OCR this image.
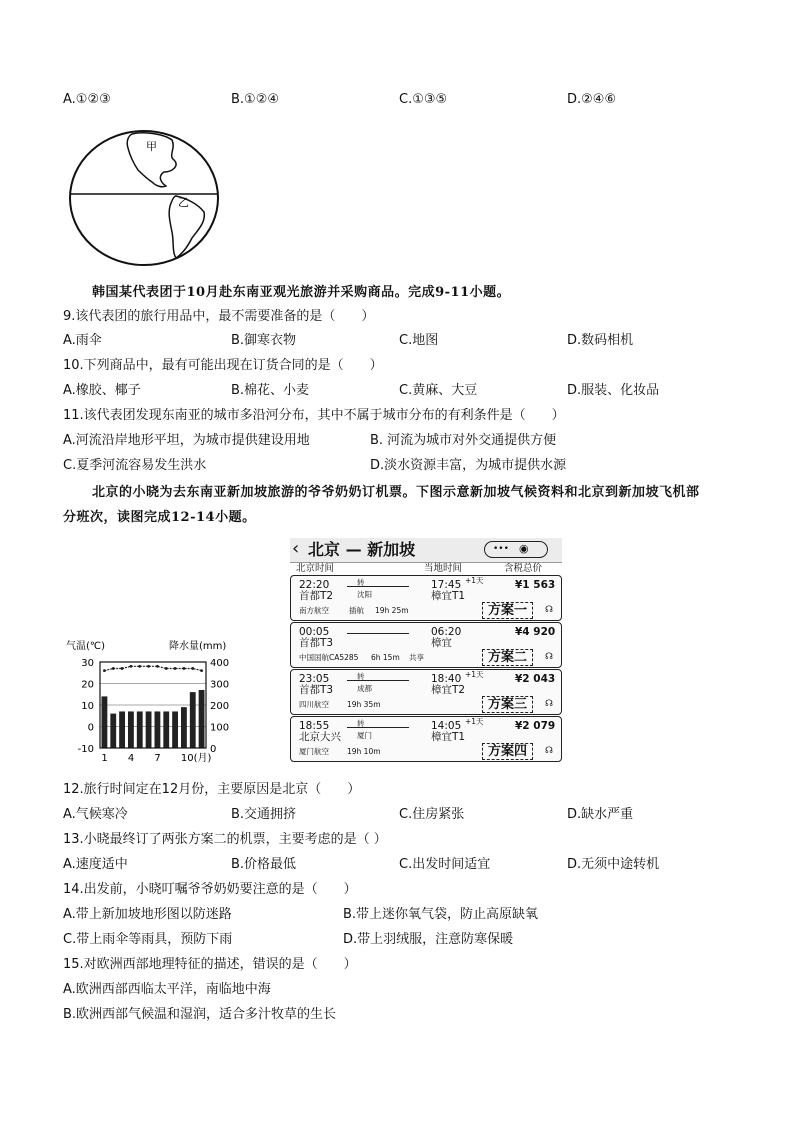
A.①②③	B.①②④	C.①③⑤	D.②④⑥
甲
乙
韩国某代表团于10月赴东南亚观光旅游并采购商品。完成9-11小题。
9.该代表团的旅行用品中，最不需要准备的是（　　）
A.雨伞	B.御寒衣物	C.地图	D.数码相机
10.下列商品中，最有可能出现在订货合同的是（　　）
A.橡胶、椰子	B.棉花、小麦	C.黄麻、大豆	D.服装、化妆品
11.该代表团发现东南亚的城市多沿河分布，其中不属于城市分布的有利条件是（　　）
A.河流沿岸地形平坦，为城市提供建设用地	B. 河流为城市对外交通提供方便
C.夏季河流容易发生洪水	D.淡水资源丰富，为城市提供水源
北京的小晓为去东南亚新加坡旅游的爷爷奶奶订机票。下图示意新加坡气候资料和北京到新加坡飞机部
分班次，读图完成12-14小题。
气温(℃)	降水量(mm)
30
20
10
0
-10
400
300
200
100
0
1 4 7 10(月)
‹ 北京 — 新加坡	••• ◉
北京时间	当地时间	含税总价
22:20	转
沈阳
17:45 +1天	¥1 563
首都T2	樟宜T1
南方航空	插航 19h 25m	方案一	☊
00:05	06:20	¥4 920
首都T3	樟宜
中国国航CA5285 6h 15m 共享	方案二	☊
23:05	转
成都
18:40 +1天	¥2 043
首都T3	樟宜T2
四川航空 19h 35m	方案三	☊
18:55	转
厦门
14:05 +1天	¥2 079
北京大兴	樟宜T1
厦门航空 19h 10m	方案四	☊
12.旅行时间定在12月份，主要原因是北京（　　）
A.气候寒冷	B.交通拥挤	C.住房紧张	D.缺水严重
13.小晓最终订了两张方案二的机票，主要考虑的是（ ）
A.速度适中	B.价格最低	C.出发时间适宜	D.无须中途转机
14.出发前，小晓叮嘱爷爷奶奶要注意的是（　　）
A.带上新加坡地形图以防迷路	B.带上迷你氧气袋，防止高原缺氧
C.带上雨伞等雨具，预防下雨	D.带上羽绒服，注意防寒保暖
15.对欧洲西部地理特征的描述，错误的是（　　）
A.欧洲西部西临太平洋，南临地中海
B.欧洲西部气候温和湿润，适合多汁牧草的生长
